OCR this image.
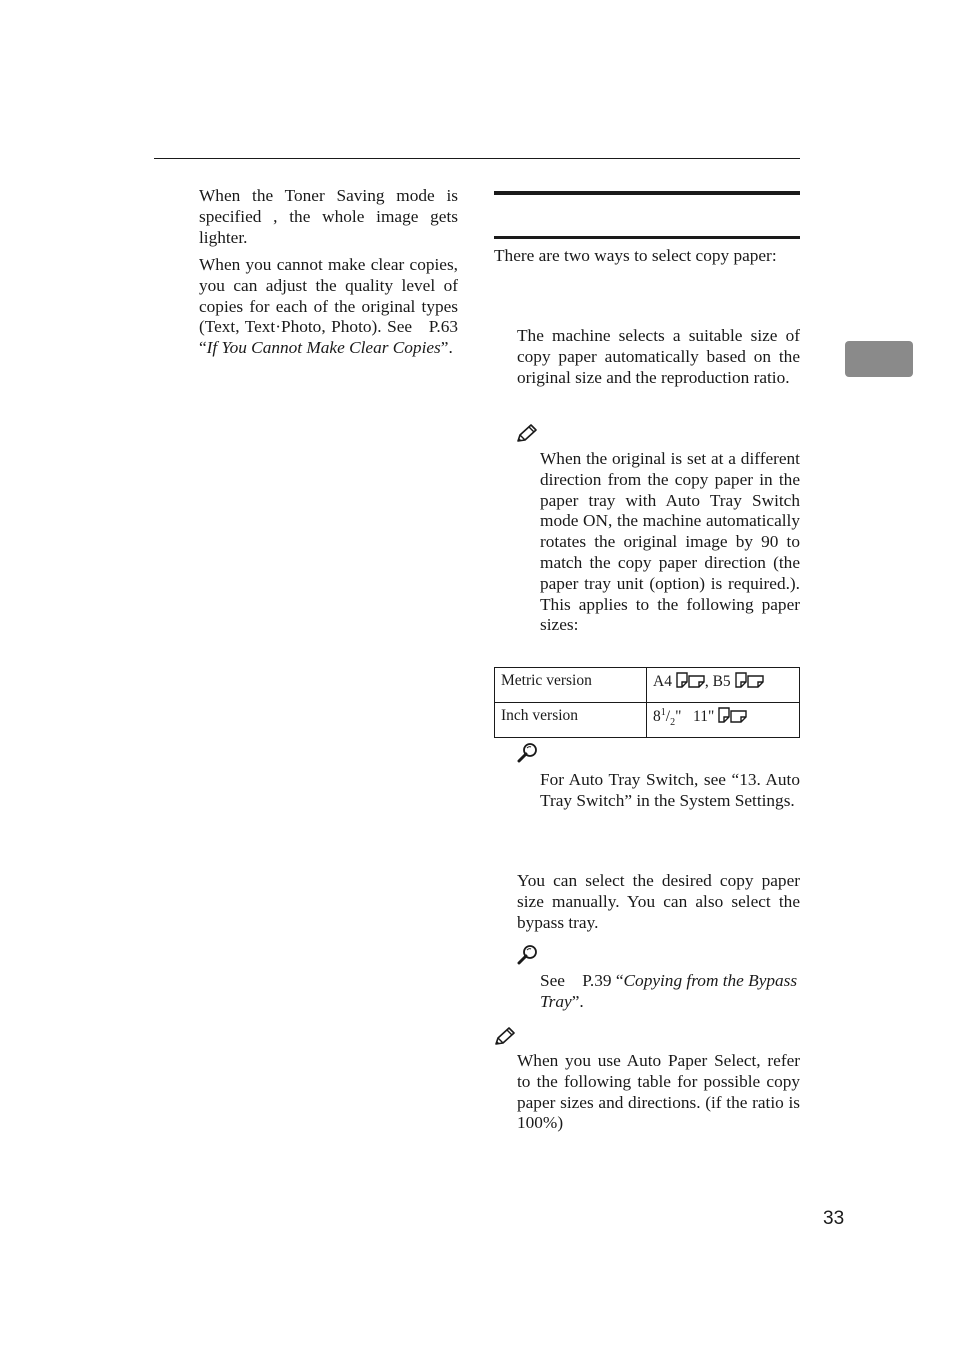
When the Toner Saving mode is specified , the whole image gets lighter.

When you cannot make clear copies, you can adjust the quality level of copies for each of the original types (Text, Text·Photo, Photo). See P.63 “If You Cannot Make Clear Copies”.

There are two ways to select copy paper:

The machine selects a suitable size of copy paper automatically based on the original size and the reproduction ratio.

When the original is set at a different direction from the copy paper in the paper tray with Auto Tray Switch mode ON, the machine automatically rotates the original image by 90 to match the copy paper direction (the paper tray unit (option) is required.). This applies to the following paper sizes:

Metric version	A4 , B5
Inch version	$8^1/_2$"   11"

For Auto Tray Switch, see “13. Auto Tray Switch” in the System Settings.

You can select the desired copy paper size manually. You can also select the bypass tray.

See P.39 “Copying from the Bypass Tray”.

When you use Auto Paper Select, refer to the following table for possible copy paper sizes and directions. (if the ratio is 100%)

33
